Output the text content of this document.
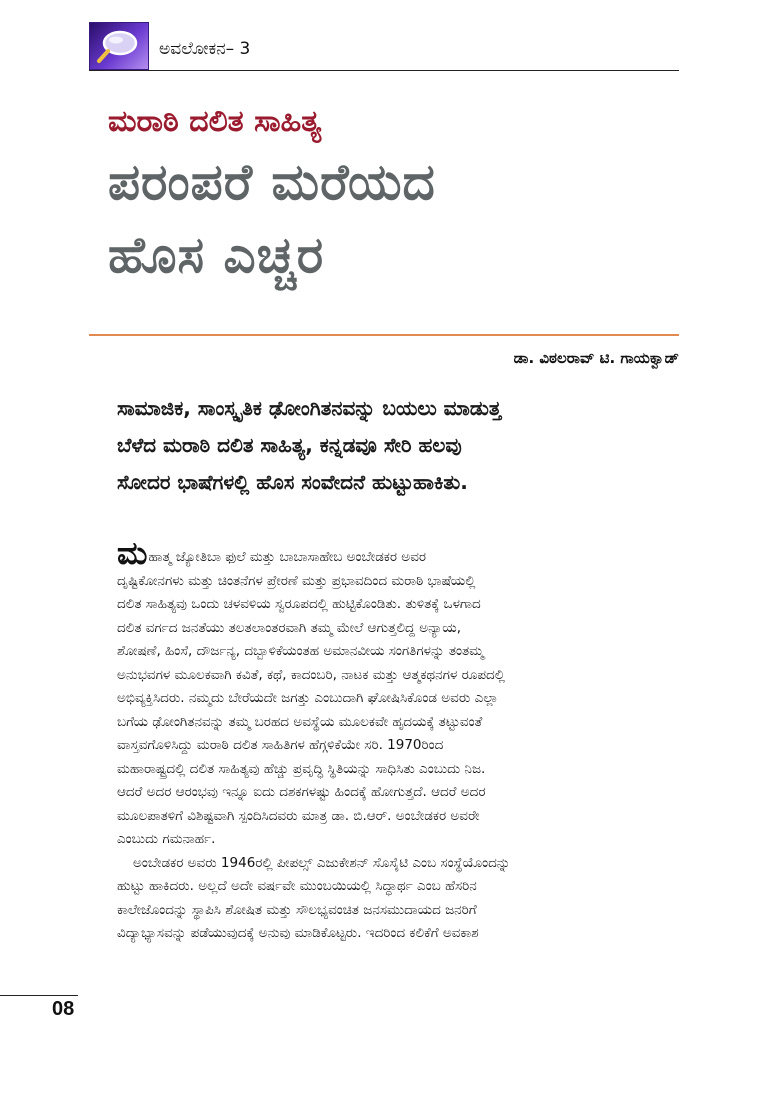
ಅವಲೋಕನ– 3
ಮರಾಠಿ ದಲಿತ ಸಾಹಿತ್ಯ
ಪರಂಪರೆ ಮರೆಯದ
ಹೊಸ ಎಚ್ಚರ
ಡಾ. ವಿಠಲರಾವ್ ಟಿ. ಗಾಯಕ್ವಾಡ್
ಸಾಮಾಜಿಕ, ಸಾಂಸ್ಕೃತಿಕ ಢೋಂಗಿತನವನ್ನು ಬಯಲು ಮಾಡುತ್ತ
ಬೆಳೆದ ಮರಾಠಿ ದಲಿತ ಸಾಹಿತ್ಯ, ಕನ್ನಡವೂ ಸೇರಿ ಹಲವು
ಸೋದರ ಭಾಷೆಗಳಲ್ಲಿ ಹೊಸ ಸಂವೇದನೆ ಹುಟ್ಟುಹಾಕಿತು.
ಮಹಾತ್ಮ ಜ್ಯೋತಿಬಾ ಫುಲೆ ಮತ್ತು ಬಾಬಾಸಾಹೇಬ ಅಂಬೇಡಕರ ಅವರ
ದೃಷ್ಟಿಕೋನಗಳು ಮತ್ತು ಚಿಂತನೆಗಳ ಪ್ರೇರಣೆ ಮತ್ತು ಪ್ರಭಾವದಿಂದ ಮರಾಠಿ ಭಾಷೆಯಲ್ಲಿ
ದಲಿತ ಸಾಹಿತ್ಯವು ಒಂದು ಚಳವಳಿಯ ಸ್ವರೂಪದಲ್ಲಿ ಹುಟ್ಟಿಕೊಂಡಿತು. ತುಳಿತಕ್ಕೆ ಒಳಗಾದ
ದಲಿತ ವರ್ಗದ ಜನತೆಯು ತಲತಲಾಂತರವಾಗಿ ತಮ್ಮ ಮೇಲೆ ಆಗುತ್ತಲಿದ್ದ ಅನ್ಯಾಯ,
ಶೋಷಣೆ, ಹಿಂಸೆ, ದೌರ್ಜನ್ಯ, ದಬ್ಬಾಳಿಕೆಯಂತಹ ಅಮಾನವೀಯ ಸಂಗತಿಗಳನ್ನು ತಂತಮ್ಮ
ಅನುಭವಗಳ ಮೂಲಕವಾಗಿ ಕವಿತೆ, ಕಥೆ, ಕಾದಂಬರಿ, ನಾಟಕ ಮತ್ತು ಆತ್ಮಕಥನಗಳ ರೂಪದಲ್ಲಿ
ಅಭಿವ್ಯಕ್ತಿಸಿದರು. ನಮ್ಮದು ಬೇರೆಯದೇ ಜಗತ್ತು ಎಂಬುದಾಗಿ ಘೋಷಿಸಿಕೊಂಡ ಅವರು ಎಲ್ಲಾ
ಬಗೆಯ ಢೋಂಗಿತನವನ್ನು ತಮ್ಮ ಬರಹದ ಅವಸ್ಥೆಯ ಮೂಲಕವೇ ಹೃದಯಕ್ಕೆ ತಟ್ಟುವಂತೆ
ವಾಸ್ತವಗೊಳಿಸಿದ್ದು ಮರಾಠಿ ದಲಿತ ಸಾಹಿತಿಗಳ ಹೆಗ್ಗಳಿಕೆಯೇ ಸರಿ. 1970ರಿಂದ
ಮಹಾರಾಷ್ಟ್ರದಲ್ಲಿ ದಲಿತ ಸಾಹಿತ್ಯವು ಹೆಚ್ಚು ಪ್ರವೃದ್ಧಿ ಸ್ಥಿತಿಯನ್ನು ಸಾಧಿಸಿತು ಎಂಬುದು ನಿಜ.
ಆದರೆ ಅದರ ಆರಂಭವು ಇನ್ನೂ ಐದು ದಶಕಗಳಷ್ಟು ಹಿಂದಕ್ಕೆ ಹೋಗುತ್ತದೆ. ಆದರೆ ಅದರ
ಮೂಲಪಾತಳಿಗೆ ವಿಶಿಷ್ಟವಾಗಿ ಸ್ಪಂದಿಸಿದವರು ಮಾತ್ರ ಡಾ. ಬಿ.ಆರ್. ಅಂಬೇಡಕರ ಅವರೇ
ಎಂಬುದು ಗಮನಾರ್ಹ.
ಅಂಬೇಡಕರ ಅವರು 1946ರಲ್ಲಿ ಪೀಪಲ್ಸ್ ಎಜುಕೇಶನ್ ಸೊಸೈಟಿ ಎಂಬ ಸಂಸ್ಥೆಯೊಂದನ್ನು
ಹುಟ್ಟು ಹಾಕಿದರು. ಅಲ್ಲದೆ ಅದೇ ವರ್ಷವೇ ಮುಂಬಯಿಯಲ್ಲಿ ಸಿದ್ಧಾರ್ಥ ಎಂಬ ಹೆಸರಿನ
ಕಾಲೇಜೊಂದನ್ನು ಸ್ಥಾಪಿಸಿ ಶೋಷಿತ ಮತ್ತು ಸೌಲಭ್ಯವಂಚಿತ ಜನಸಮುದಾಯದ ಜನರಿಗೆ
ವಿದ್ಯಾಭ್ಯಾಸವನ್ನು ಪಡೆಯುವುದಕ್ಕೆ ಅನುವು ಮಾಡಿಕೊಟ್ಟರು. ಇದರಿಂದ ಕಲಿಕೆಗೆ ಅವಕಾಶ
08
